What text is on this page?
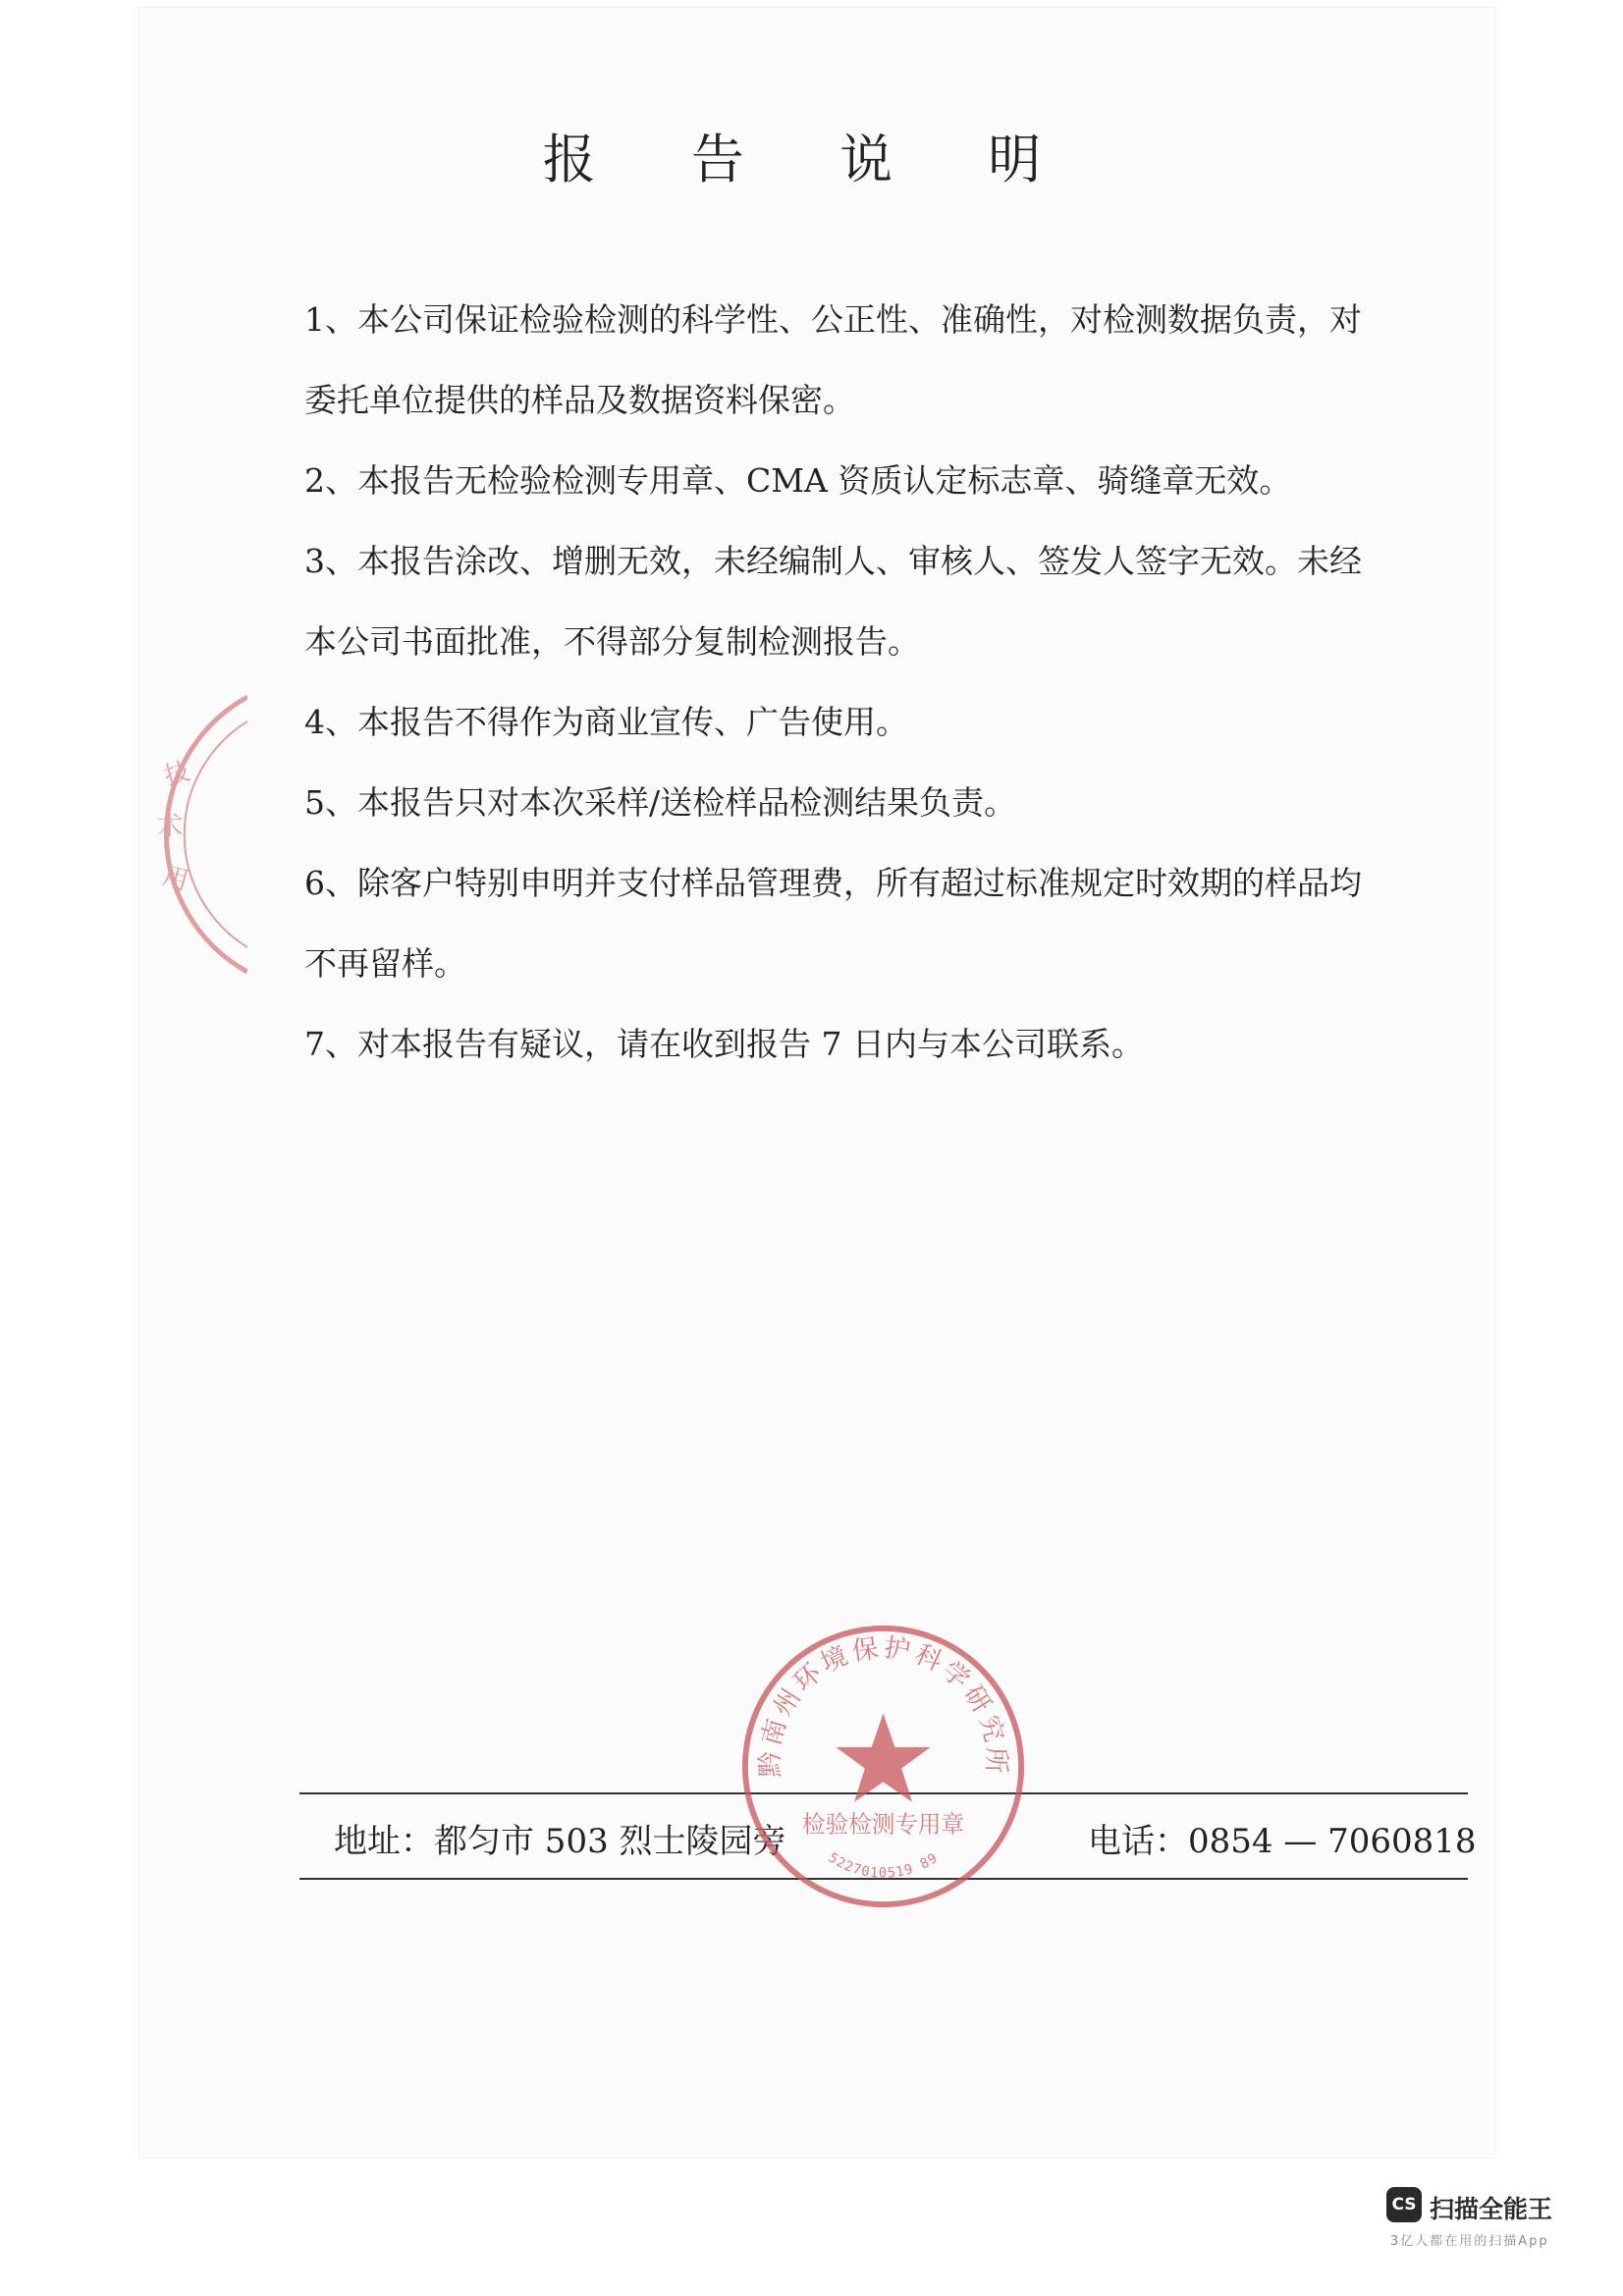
技
术
用
报 告 说 明

1、本公司保证检验检测的科学性、公正性、准确性，对检测数据负责，对

委托单位提供的样品及数据资料保密。

2、本报告无检验检测专用章、CMA 资质认定标志章、骑缝章无效。

3、本报告涂改、增删无效，未经编制人、审核人、签发人签字无效。未经

本公司书面批准，不得部分复制检测报告。

4、本报告不得作为商业宣传、广告使用。

5、本报告只对本次采样/送检样品检测结果负责。

6、除客户特别申明并支付样品管理费，所有超过标准规定时效期的样品均

不再留样。

7、对本报告有疑议，请在收到报告 7 日内与本公司联系。

地址：都匀市 503 烈士陵园旁	电话：0854 — 7060818
黔南州环境保护科学研究所
检验检测专用章
5227010519 89
CS 扫描全能王
3亿人都在用的扫描App
